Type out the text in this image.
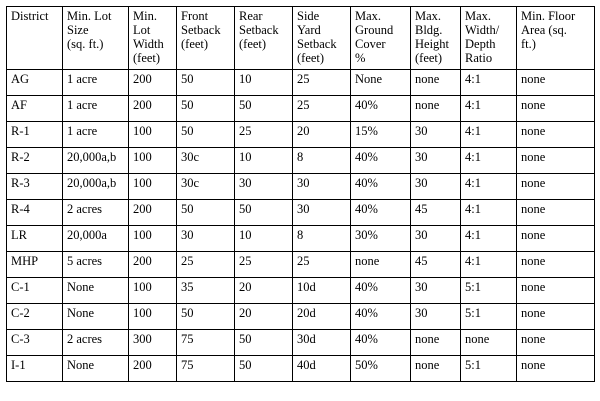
District	Min. Lot
Size
(sq. ft.)	Min.
Lot
Width
(feet)	Front
Setback
(feet)	Rear
Setback
(feet)	Side
Yard
Setback
(feet)	Max.
Ground
Cover
%	Max.
Bldg.
Height
(feet)	Max.
Width/
Depth
Ratio	Min. Floor
Area (sq.
ft.)

AG	1 acre	200	50	10	25	None	none	4:1	none
AF	1 acre	200	50	50	25	40%	none	4:1	none
R-1	1 acre	100	50	25	20	15%	30	4:1	none
R-2	20,000a,b	100	30c	10	8	40%	30	4:1	none
R-3	20,000a,b	100	30c	30	30	40%	30	4:1	none
R-4	2 acres	200	50	50	30	40%	45	4:1	none
LR	20,000a	100	30	10	8	30%	30	4:1	none
MHP	5 acres	200	25	25	25	none	45	4:1	none
C-1	None	100	35	20	10d	40%	30	5:1	none
C-2	None	100	50	20	20d	40%	30	5:1	none
C-3	2 acres	300	75	50	30d	40%	none	none	none
I-1	None	200	75	50	40d	50%	none	5:1	none
